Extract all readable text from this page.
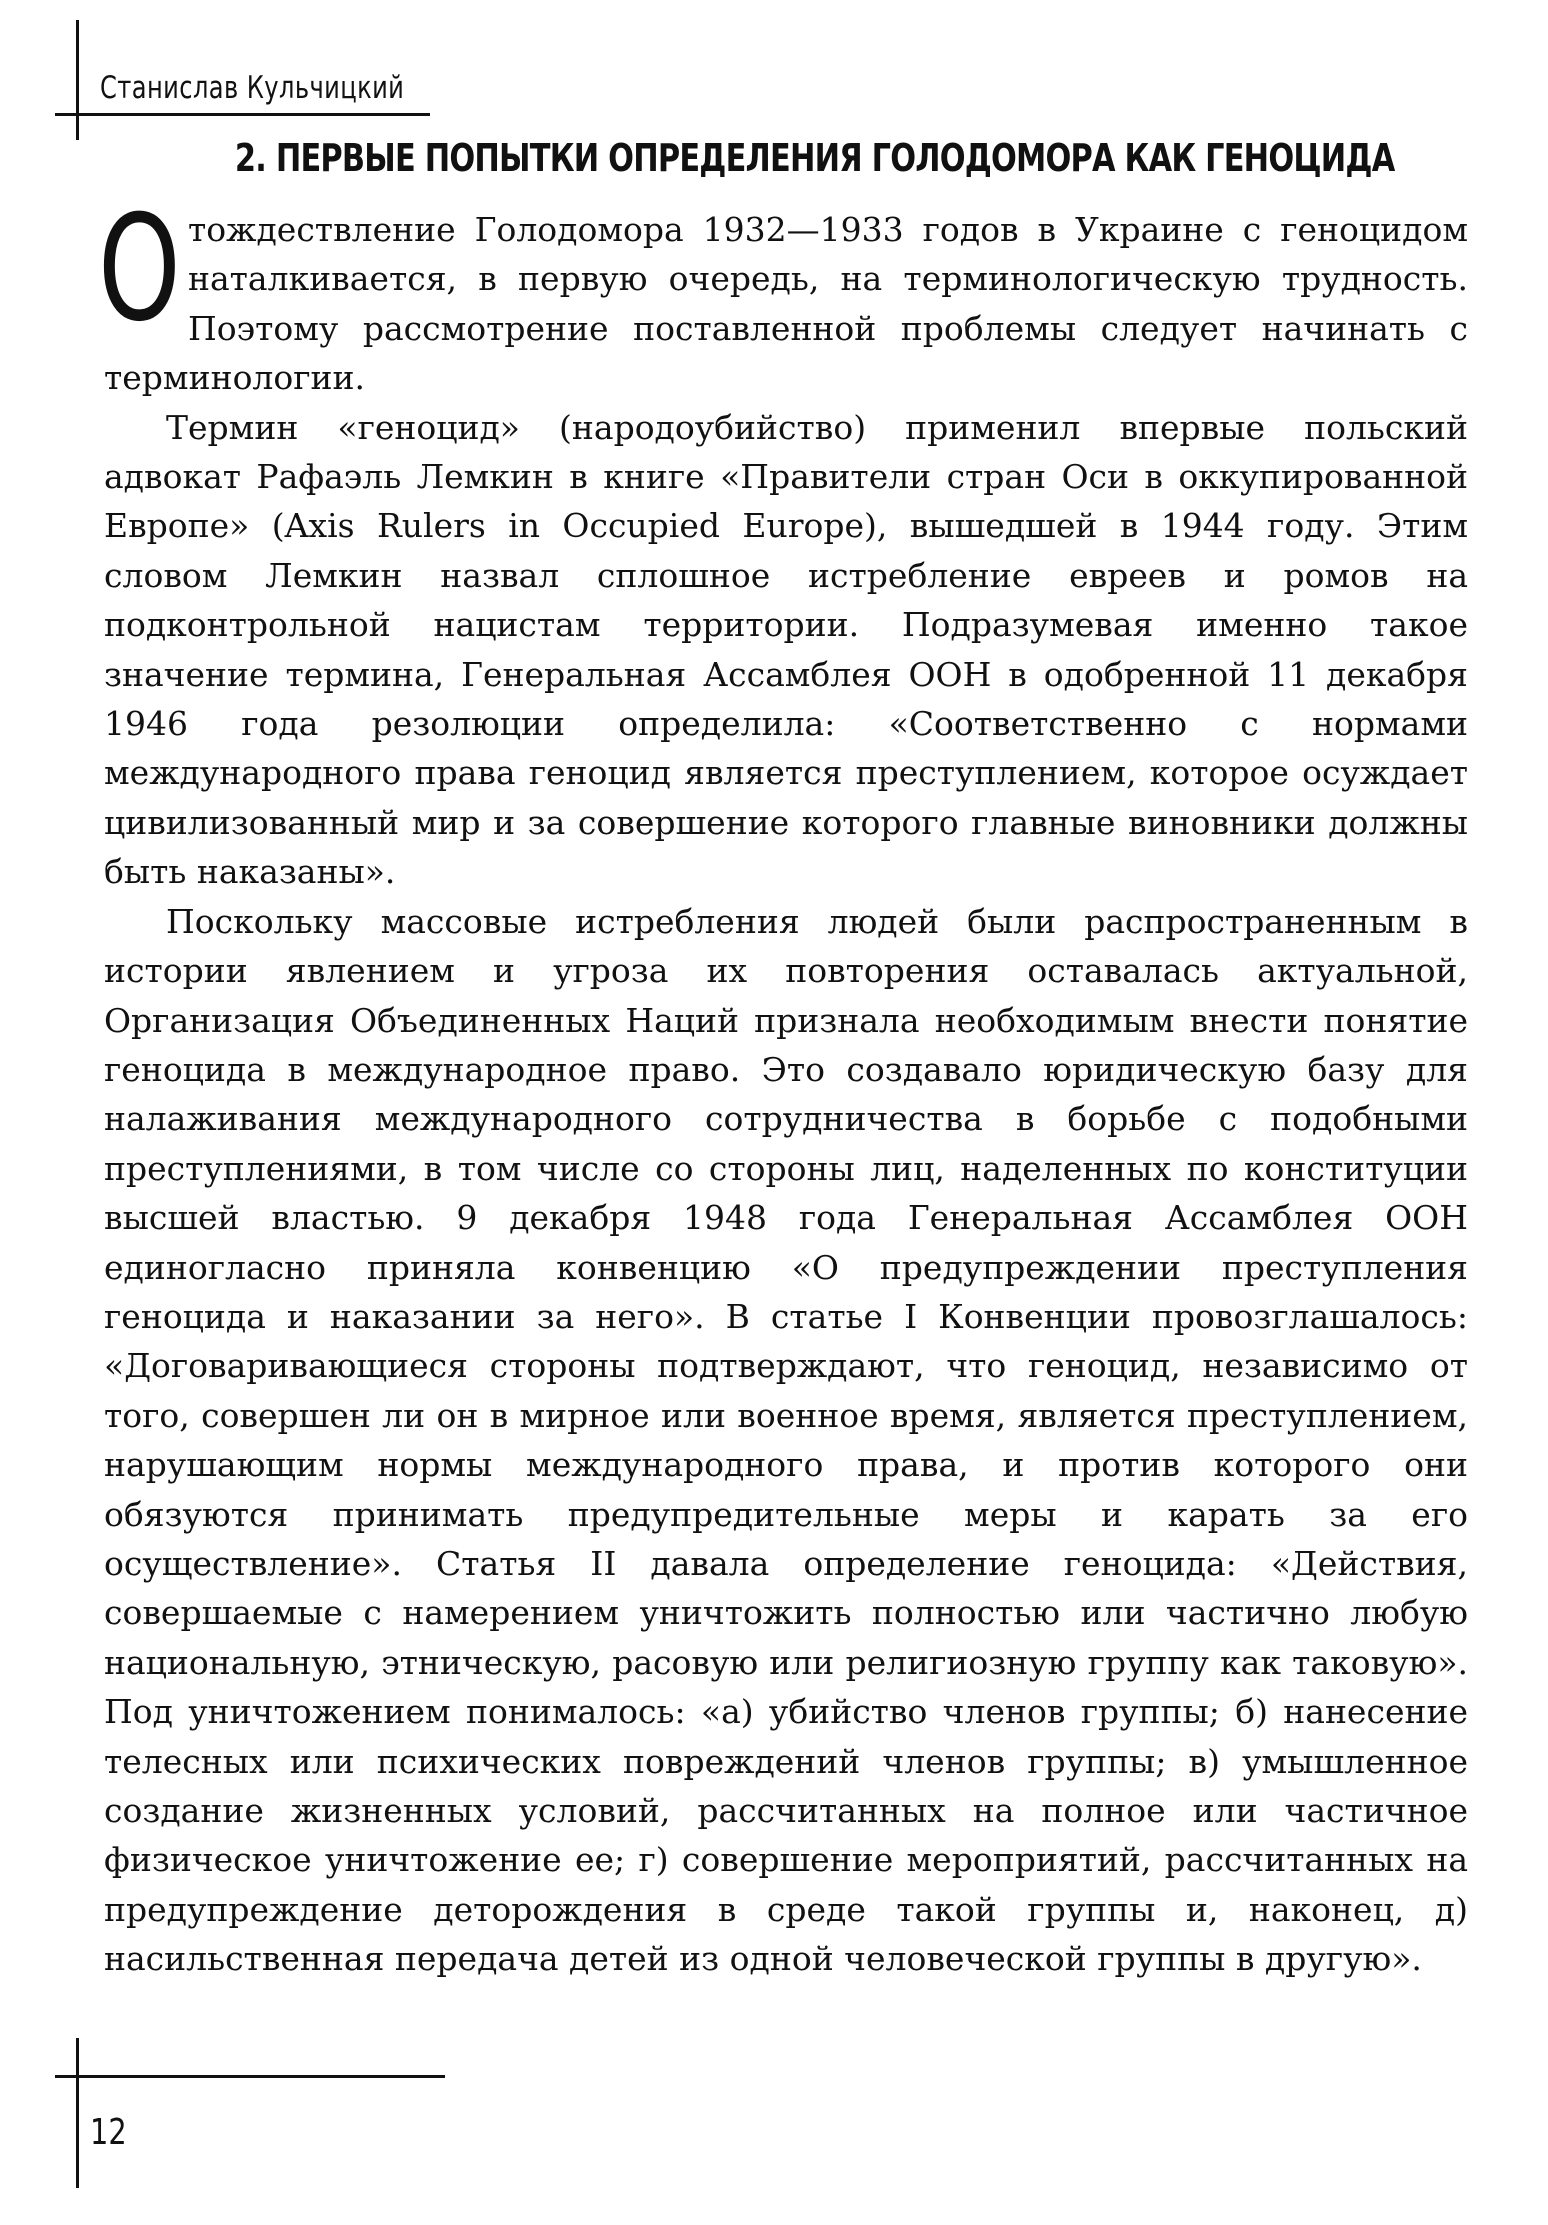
Станислав Кульчицкий
2. ПЕРВЫЕ ПОПЫТКИ ОПРЕДЕЛЕНИЯ ГОЛОДОМОРА КАК ГЕНОЦИДА

Отождествление Голодомора 1932—1933 годов в Украине с геноцидом наталкивается, в первую очередь, на терминологическую трудность. Поэтому рассмотрение поставленной проблемы следует начинать с терминологии.

Термин «геноцид» (народоубийство) применил впервые польский адвокат Рафаэль Лемкин в книге «Правители стран Оси в оккупированной Европе» (Axis Rulers in Occupied Europe), вышедшей в 1944 году. Этим словом Лемкин назвал сплошное истребление евреев и ромов на подконтрольной нацистам территории. Подразумевая именно такое значение термина, Генеральная Ассамблея ООН в одобренной 11 декабря 1946 года резолюции определила: «Соответственно с нормами международного права геноцид является преступлением, которое осуждает цивилизованный мир и за совершение которого главные виновники должны быть наказаны».

Поскольку массовые истребления людей были распространенным в истории явлением и угроза их повторения оставалась актуальной, Организация Объединенных Наций признала необходимым внести понятие геноцида в международное право. Это создавало юридическую базу для налаживания международного сотрудничества в борьбе с подобными преступлениями, в том числе со стороны лиц, наделенных по конституции высшей властью. 9 декабря 1948 года Генеральная Ассамблея ООН единогласно приняла конвенцию «О предупреждении преступления геноцида и наказании за него». В статье I Конвенции провозглашалось: «Договаривающиеся стороны подтверждают, что геноцид, независимо от того, совершен ли он в мирное или военное время, является преступлением, нарушающим нормы международного права, и против которого они обязуются принимать предупредительные меры и карать за его осуществление». Статья II давала определение геноцида: «Действия, совершаемые с намерением уничтожить полностью или частично любую национальную, этническую, расовую или религиозную группу как таковую». Под уничтожением понималось: «а) убийство членов группы; б) нанесение телесных или психических повреждений членов группы; в) умышленное создание жизненных условий, рассчитанных на полное или частичное физическое уничтожение ее; г) совершение мероприятий, рассчитанных на предупреждение деторождения в среде такой группы и, наконец, д) насильственная передача детей из одной человеческой группы в другую».

12
